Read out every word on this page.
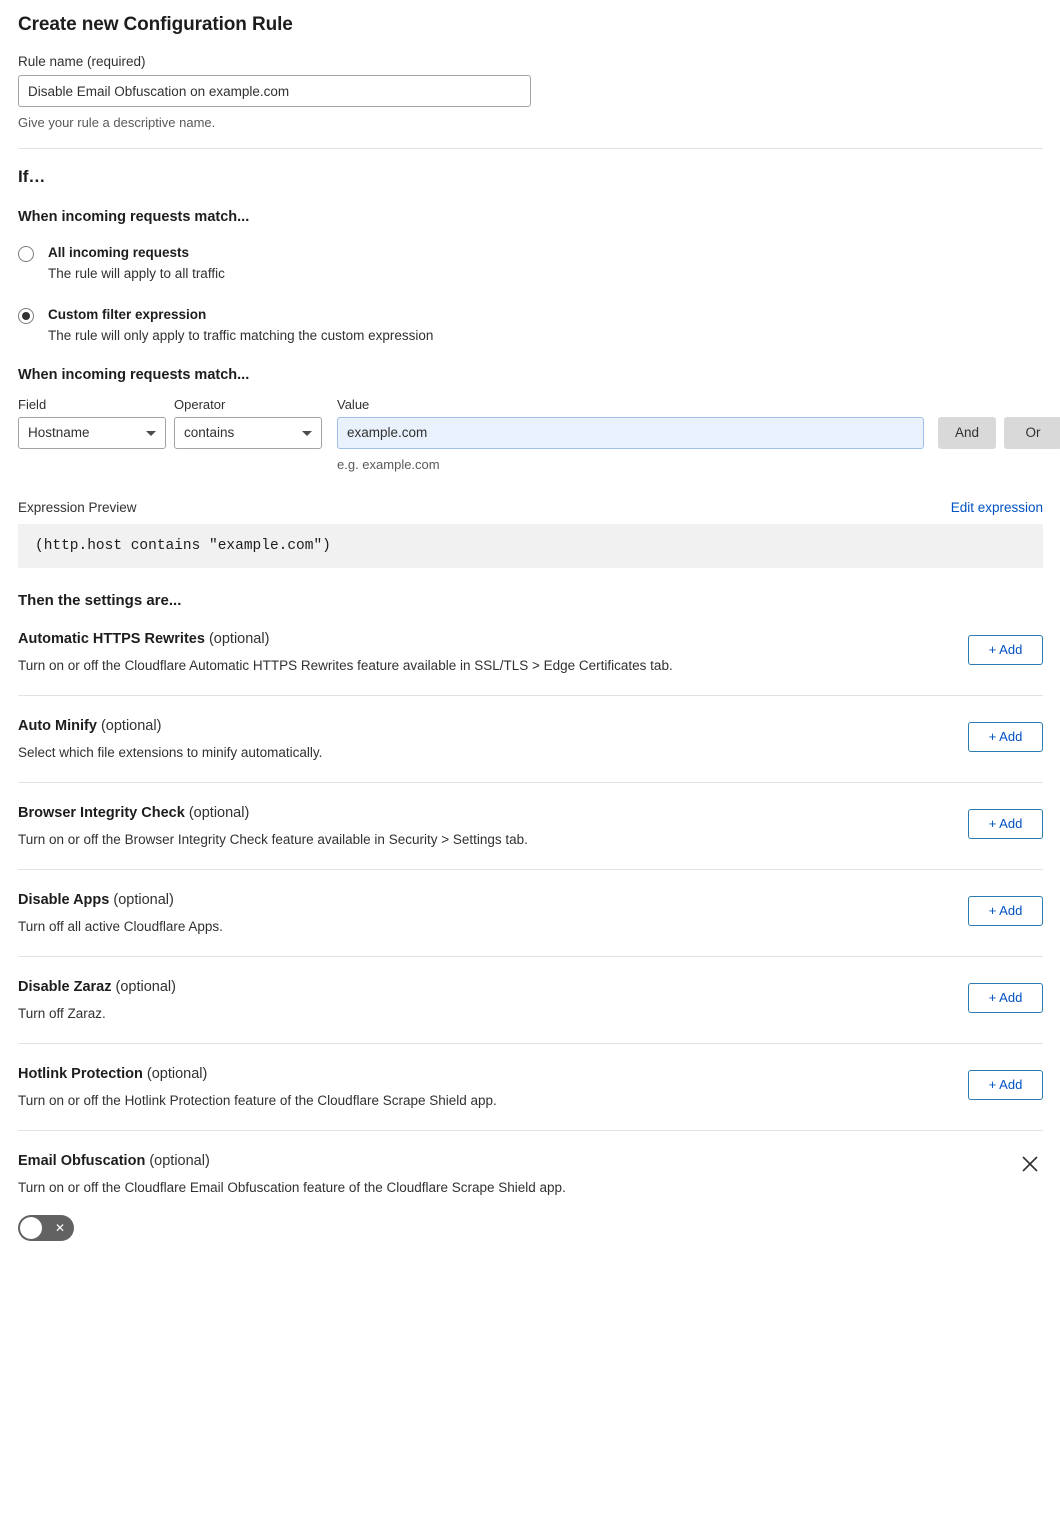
Create new Configuration Rule
Rule name (required)
Disable Email Obfuscation on example.com
Give your rule a descriptive name.
If…
When incoming requests match...
All incoming requests
The rule will apply to all traffic
Custom filter expression
The rule will only apply to traffic matching the custom expression
When incoming requests match...
Field
Hostname
Operator
contains
Value
example.com
e.g. example.com

And
	Or
Expression Preview	Edit expression
(http.host contains "example.com")
Then the settings are...
Automatic HTTPS Rewrites (optional)
Turn on or off the Cloudflare Automatic HTTPS Rewrites feature available in SSL/TLS > Edge Certificates tab.
+ Add
Auto Minify (optional)
Select which file extensions to minify automatically.
+ Add
Browser Integrity Check (optional)
Turn on or off the Browser Integrity Check feature available in Security > Settings tab.
+ Add
Disable Apps (optional)
Turn off all active Cloudflare Apps.
+ Add
Disable Zaraz (optional)
Turn off Zaraz.
+ Add
Hotlink Protection (optional)
Turn on or off the Hotlink Protection feature of the Cloudflare Scrape Shield app.
+ Add
Email Obfuscation (optional)
Turn on or off the Cloudflare Email Obfuscation feature of the Cloudflare Scrape Shield app.
✕
